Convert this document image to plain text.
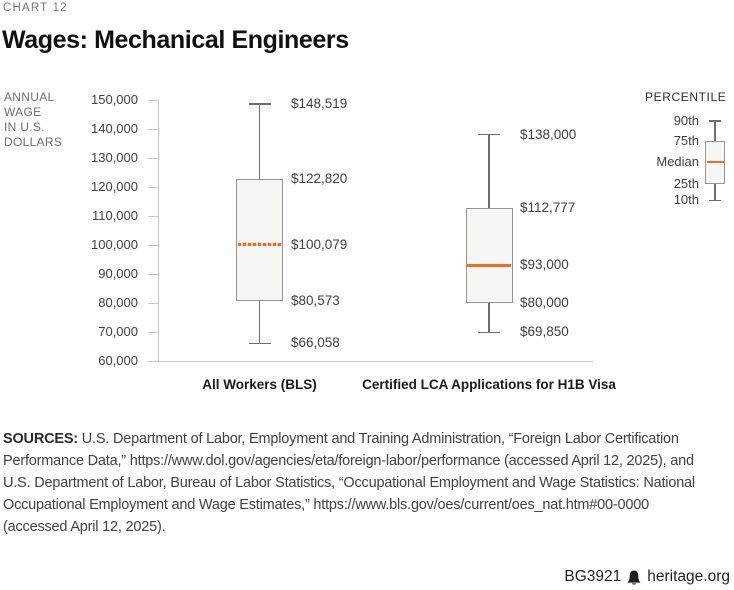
CHART 12
Wages: Mechanical Engineers
ANNUAL
WAGE
IN U.S.
DOLLARS
150,000
140,000
130,000
120,000
110,000
100,000
90,000
80,000
70,000
60,000
$148,519
$122,820
$100,079
$80,573
$66,058
All Workers (BLS)
$138,000
$112,777
$93,000
$80,000
$69,850
Certified LCA Applications for H1B Visa
PERCENTILE
90th
75th
Median
25th
10th
SOURCES: U.S. Department of Labor, Employment and Training Administration, “Foreign Labor Certification
Performance Data,” https://www.dol.gov/agencies/eta/foreign-labor/performance (accessed April 12, 2025), and
U.S. Department of Labor, Bureau of Labor Statistics, “Occupational Employment and Wage Statistics: National
Occupational Employment and Wage Estimates,” https://www.bls.gov/oes/current/oes_nat.htm#00-0000
(accessed April 12, 2025).
BG3921 heritage.org
